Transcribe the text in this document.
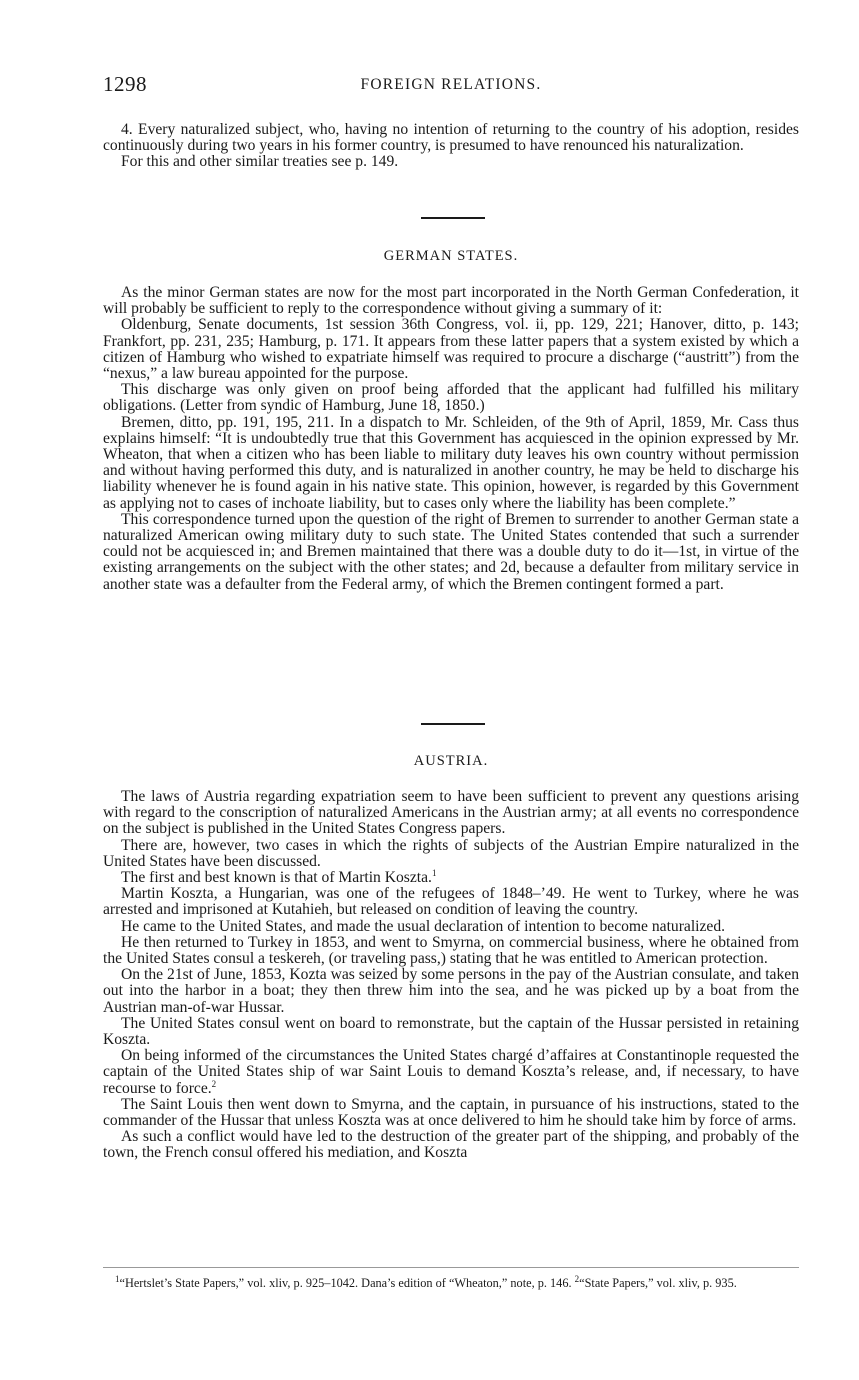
1298	FOREIGN RELATIONS.

4. Every naturalized subject, who, having no intention of returning to the country of his adoption, resides continuously during two years in his former country, is presumed to have renounced his naturalization.

For this and other similar treaties see p. 149.

GERMAN STATES.

As the minor German states are now for the most part incorporated in the North German Confederation, it will probably be sufficient to reply to the correspondence without giving a summary of it:

Oldenburg, Senate documents, 1st session 36th Congress, vol. ii, pp. 129, 221; Hanover, ditto, p. 143; Frankfort, pp. 231, 235; Hamburg, p. 171. It appears from these latter papers that a system existed by which a citizen of Hamburg who wished to expatriate himself was required to procure a discharge (“austritt”) from the “nexus,” a law bureau appointed for the purpose.

This discharge was only given on proof being afforded that the applicant had fulfilled his military obligations. (Letter from syndic of Hamburg, June 18, 1850.)

Bremen, ditto, pp. 191, 195, 211. In a dispatch to Mr. Schleiden, of the 9th of April, 1859, Mr. Cass thus explains himself: “It is undoubtedly true that this Government has acquiesced in the opinion expressed by Mr. Wheaton, that when a citizen who has been liable to military duty leaves his own country without permission and without having performed this duty, and is naturalized in another country, he may be held to discharge his liability whenever he is found again in his native state. This opinion, however, is regarded by this Government as applying not to cases of inchoate liability, but to cases only where the liability has been complete.”

This correspondence turned upon the question of the right of Bremen to surrender to another German state a naturalized American owing military duty to such state. The United States contended that such a surrender could not be acquiesced in; and Bremen maintained that there was a double duty to do it—1st, in virtue of the existing arrangements on the subject with the other states; and 2d, because a defaulter from military service in another state was a defaulter from the Federal army, of which the Bremen contingent formed a part.

AUSTRIA.

The laws of Austria regarding expatriation seem to have been sufficient to prevent any questions arising with regard to the conscription of naturalized Americans in the Austrian army; at all events no correspondence on the subject is published in the United States Congress papers.

There are, however, two cases in which the rights of subjects of the Austrian Empire naturalized in the United States have been discussed.

The first and best known is that of Martin Koszta.$^1$

Martin Koszta, a Hungarian, was one of the refugees of 1848–’49. He went to Turkey, where he was arrested and imprisoned at Kutahieh, but released on condition of leaving the country.

He came to the United States, and made the usual declaration of intention to become naturalized.

He then returned to Turkey in 1853, and went to Smyrna, on commercial business, where he obtained from the United States consul a teskereh, (or traveling pass,) stating that he was entitled to American protection.

On the 21st of June, 1853, Kozta was seized by some persons in the pay of the Austrian consulate, and taken out into the harbor in a boat; they then threw him into the sea, and he was picked up by a boat from the Austrian man-of-war Hussar.

The United States consul went on board to remonstrate, but the captain of the Hussar persisted in retaining Koszta.

On being informed of the circumstances the United States chargé d’affaires at Constantinople requested the captain of the United States ship of war Saint Louis to demand Koszta’s release, and, if necessary, to have recourse to force.$^2$

The Saint Louis then went down to Smyrna, and the captain, in pursuance of his instructions, stated to the commander of the Hussar that unless Koszta was at once delivered to him he should take him by force of arms.

As such a conflict would have led to the destruction of the greater part of the shipping, and probably of the town, the French consul offered his mediation, and Koszta

$^1$“Hertslet’s State Papers,” vol. xliv, p. 925–1042. Dana’s edition of “Wheaton,” note, p. 146. $^2$“State Papers,” vol. xliv, p. 935.
